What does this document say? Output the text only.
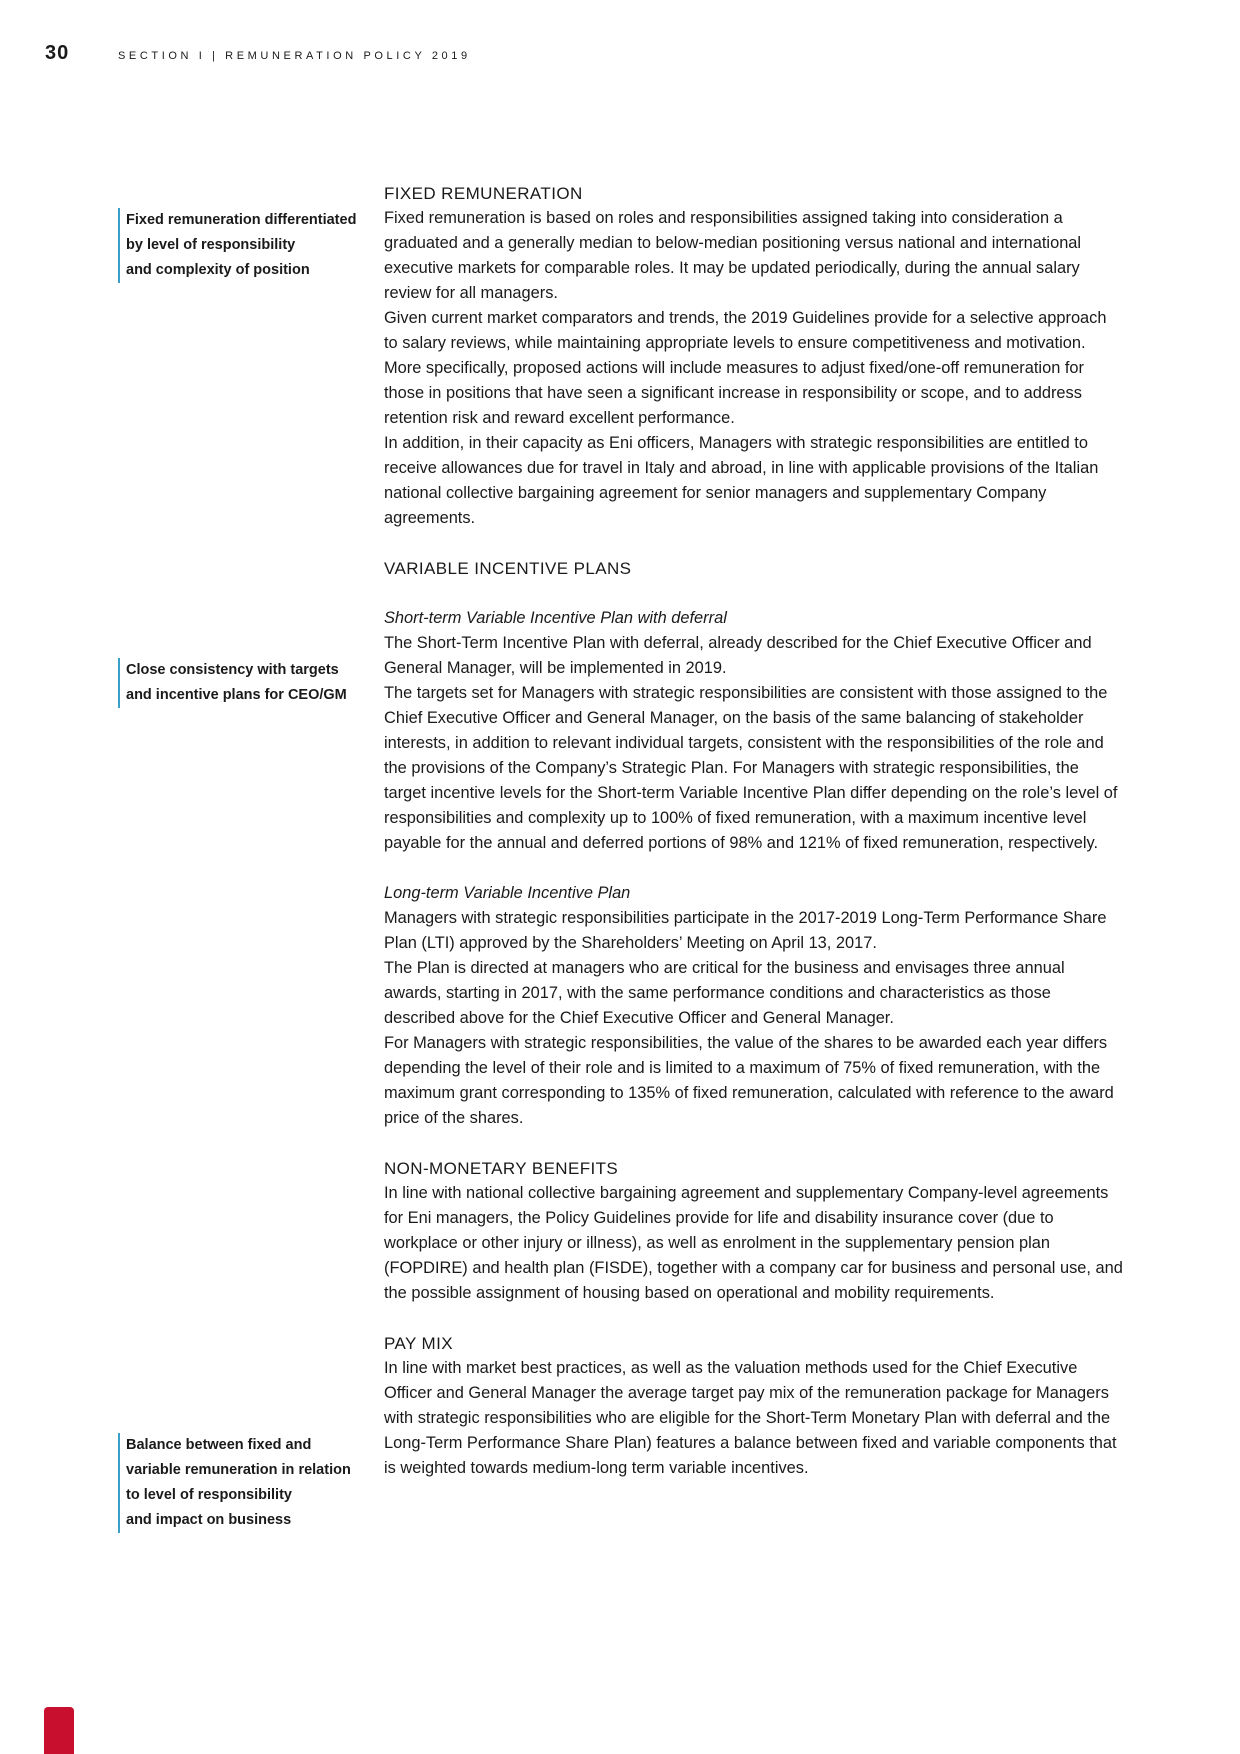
30	SECTION I | REMUNERATION POLICY 2019
Fixed remuneration differentiated
by level of responsibility
and complexity of position
Close consistency with targets
and incentive plans for CEO/GM
Balance between fixed and
variable remuneration in relation
to level of responsibility
and impact on business
FIXED REMUNERATION

Fixed remuneration is based on roles and responsibilities assigned taking into consideration a graduated and a generally median to below-median positioning versus national and international executive markets for comparable roles. It may be updated periodically, during the annual salary review for all managers.

Given current market comparators and trends, the 2019 Guidelines provide for a selective approach to salary reviews, while maintaining appropriate levels to ensure competitiveness and motivation.

More specifically, proposed actions will include measures to adjust fixed/one-off remuneration for those in positions that have seen a significant increase in responsibility or scope, and to address retention risk and reward excellent performance.

In addition, in their capacity as Eni officers, Managers with strategic responsibilities are entitled to receive allowances due for travel in Italy and abroad, in line with applicable provisions of the Italian national collective bargaining agreement for senior managers and supplementary Company agreements.

VARIABLE INCENTIVE PLANS

Short-term Variable Incentive Plan with deferral

The Short-Term Incentive Plan with deferral, already described for the Chief Executive Officer and General Manager, will be implemented in 2019.

The targets set for Managers with strategic responsibilities are consistent with those assigned to the Chief Executive Officer and General Manager, on the basis of the same balancing of stakeholder interests, in addition to relevant individual targets, consistent with the responsibilities of the role and the provisions of the Company’s Strategic Plan. For Managers with strategic responsibilities, the target incentive levels for the Short-term Variable Incentive Plan differ depending on the role’s level of responsibilities and complexity up to 100% of fixed remuneration, with a maximum incentive level payable for the annual and deferred portions of 98% and 121% of fixed remuneration, respectively.

Long-term Variable Incentive Plan

Managers with strategic responsibilities participate in the 2017-2019 Long-Term Performance Share Plan (LTI) approved by the Shareholders’ Meeting on April 13, 2017.

The Plan is directed at managers who are critical for the business and envisages three annual awards, starting in 2017, with the same performance conditions and characteristics as those described above for the Chief Executive Officer and General Manager.

For Managers with strategic responsibilities, the value of the shares to be awarded each year differs depending the level of their role and is limited to a maximum of 75% of fixed remuneration, with the maximum grant corresponding to 135% of fixed remuneration, calculated with reference to the award price of the shares.

NON-MONETARY BENEFITS

In line with national collective bargaining agreement and supplementary Company-level agreements for Eni managers, the Policy Guidelines provide for life and disability insurance cover (due to workplace or other injury or illness), as well as enrolment in the supplementary pension plan (FOPDIRE) and health plan (FISDE), together with a company car for business and personal use, and the possible assignment of housing based on operational and mobility requirements.

PAY MIX

In line with market best practices, as well as the valuation methods used for the Chief Executive Officer and General Manager the average target pay mix of the remuneration package for Managers with strategic responsibilities who are eligible for the Short-Term Monetary Plan with deferral and the Long-Term Performance Share Plan) features a balance between fixed and variable components that is weighted towards medium-long term variable incentives.
